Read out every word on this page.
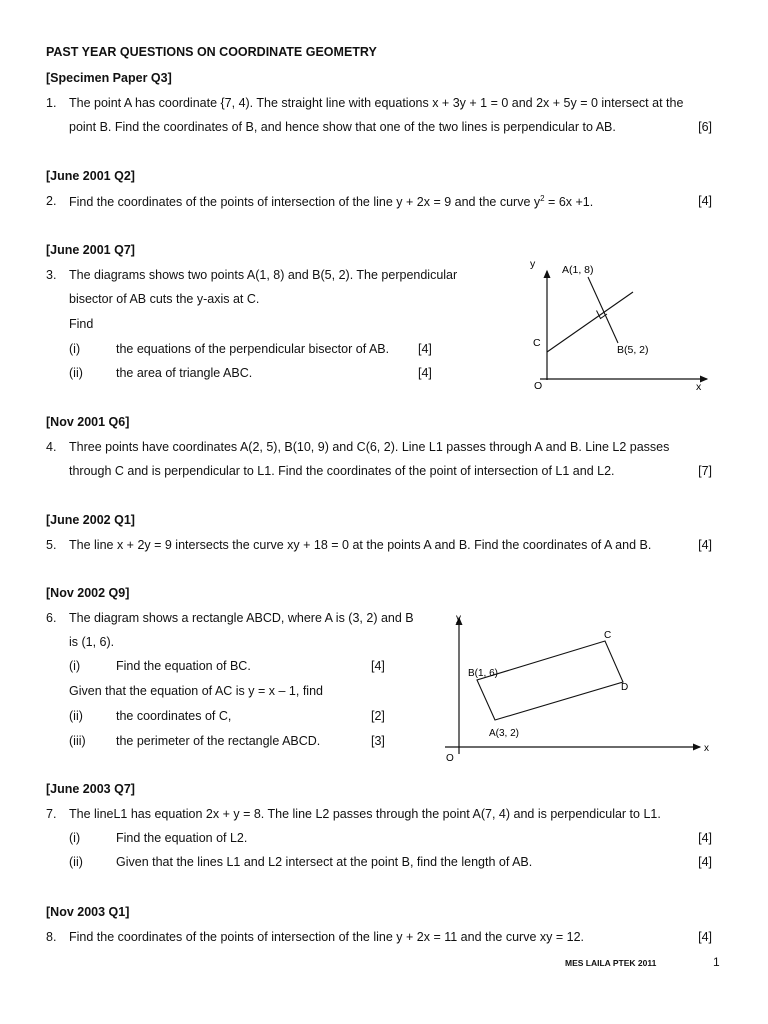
PAST YEAR QUESTIONS ON COORDINATE GEOMETRY
[Specimen Paper Q3]
1.	The point A has coordinate {7, 4). The straight line with equations x + 3y + 1 = 0 and 2x + 5y = 0 intersect at the
point B. Find the coordinates of B, and hence show that one of the two lines is perpendicular to AB.	[6]
[June 2001 Q2]
2.	Find the coordinates of the points of intersection of the line y + 2x = 9 and the curve $y^2 = 6x +1$.	[4]
[June 2001 Q7]
3.	The diagrams shows two points A(1, 8) and B(5, 2). The perpendicular
bisector of AB cuts the y-axis at C.
Find
(i)	the equations of the perpendicular bisector of AB. [4]
(ii)	the area of triangle ABC.	[4]
y	A(1, 8)
C
B(5, 2)
O	x
[Nov 2001 Q6]
4.	Three points have coordinates A(2, 5), B(10, 9) and C(6, 2). Line L1 passes through A and B. Line L2 passes
through C and is perpendicular to L1. Find the coordinates of the point of intersection of L1 and L2.	[7]
[June 2002 Q1]
5.	The line x + 2y = 9 intersects the curve xy + 18 = 0 at the points A and B. Find the coordinates of A and B.	[4]
[Nov 2002 Q9]
6.	The diagram shows a rectangle ABCD, where A is (3, 2) and B
is (1, 6).
(i)	Find the equation of BC.	[4]
Given that the equation of AC is y = x – 1, find
(ii)	the coordinates of C,	[2]
(iii) the perimeter of the rectangle ABCD.	[3]
y
C
B(1, 6)
D
A(3, 2)
O
x
[June 2003 Q7]
7.	The lineL1 has equation 2x + y = 8. The line L2 passes through the point A(7, 4) and is perpendicular to L1.
(i)	Find the equation of L2.	[4]
(ii)	Given that the lines L1 and L2 intersect at the point B, find the length of AB.	[4]
[Nov 2003 Q1]
8.	Find the coordinates of the points of intersection of the line y + 2x = 11 and the curve xy = 12.	[4]
MES LAILA PTEK 2011	1
